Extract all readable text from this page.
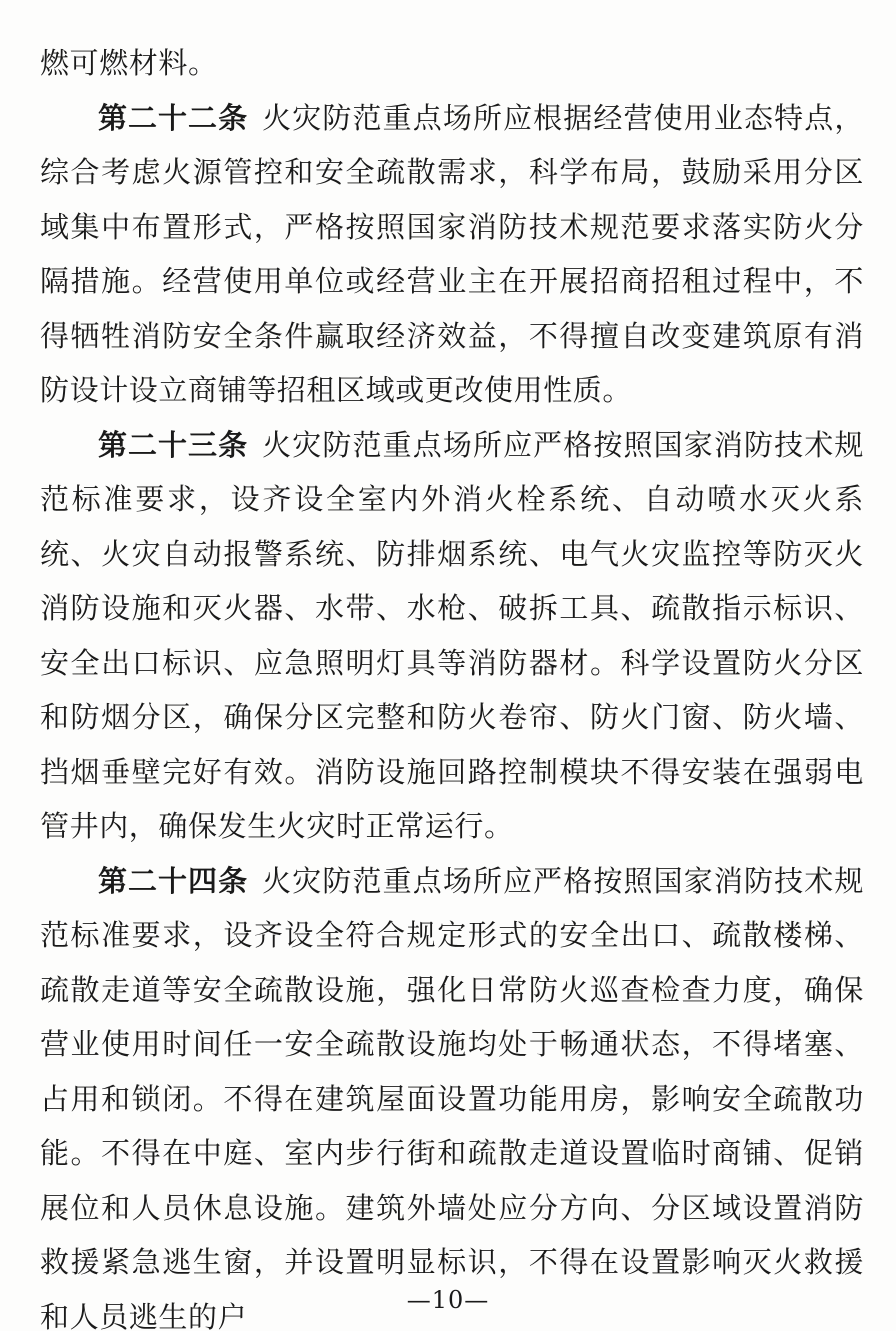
燃可燃材料。

第二十二条 火灾防范重点场所应根据经营使用业态特点，综合考虑火源管控和安全疏散需求，科学布局，鼓励采用分区域集中布置形式，严格按照国家消防技术规范要求落实防火分隔措施。经营使用单位或经营业主在开展招商招租过程中，不得牺牲消防安全条件赢取经济效益，不得擅自改变建筑原有消防设计设立商铺等招租区域或更改使用性质。

第二十三条 火灾防范重点场所应严格按照国家消防技术规范标准要求，设齐设全室内外消火栓系统、自动喷水灭火系统、火灾自动报警系统、防排烟系统、电气火灾监控等防灭火消防设施和灭火器、水带、水枪、破拆工具、疏散指示标识、安全出口标识、应急照明灯具等消防器材。科学设置防火分区和防烟分区，确保分区完整和防火卷帘、防火门窗、防火墙、挡烟垂壁完好有效。消防设施回路控制模块不得安装在强弱电管井内，确保发生火灾时正常运行。

第二十四条 火灾防范重点场所应严格按照国家消防技术规范标准要求，设齐设全符合规定形式的安全出口、疏散楼梯、疏散走道等安全疏散设施，强化日常防火巡查检查力度，确保营业使用时间任一安全疏散设施均处于畅通状态，不得堵塞、占用和锁闭。不得在建筑屋面设置功能用房，影响安全疏散功能。不得在中庭、室内步行街和疏散走道设置临时商铺、促销展位和人员休息设施。建筑外墙处应分方向、分区域设置消防救援紧急逃生窗，并设置明显标识，不得在设置影响灭火救援和人员逃生的户	—10—
